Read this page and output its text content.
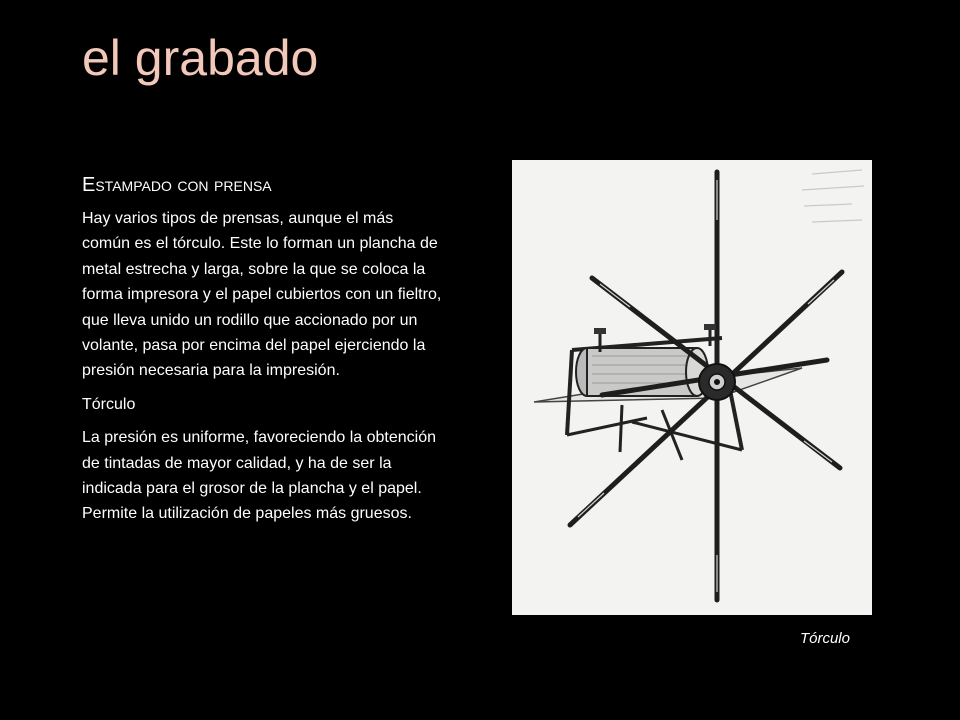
el grabado
Estampado con prensa
Hay varios tipos de prensas, aunque el más común es el tórculo. Este lo forman un plancha de metal estrecha y larga, sobre la que se coloca la forma impresora y el papel cubiertos con un fieltro, que lleva unido un rodillo que accionado por un volante, pasa por encima del papel ejerciendo la presión necesaria para la impresión.
Tórculo
La presión es uniforme, favoreciendo la obtención de tintadas de mayor calidad, y ha de ser la indicada para el grosor de la plancha y el papel. Permite la utilización de papeles más gruesos.
Tórculo
